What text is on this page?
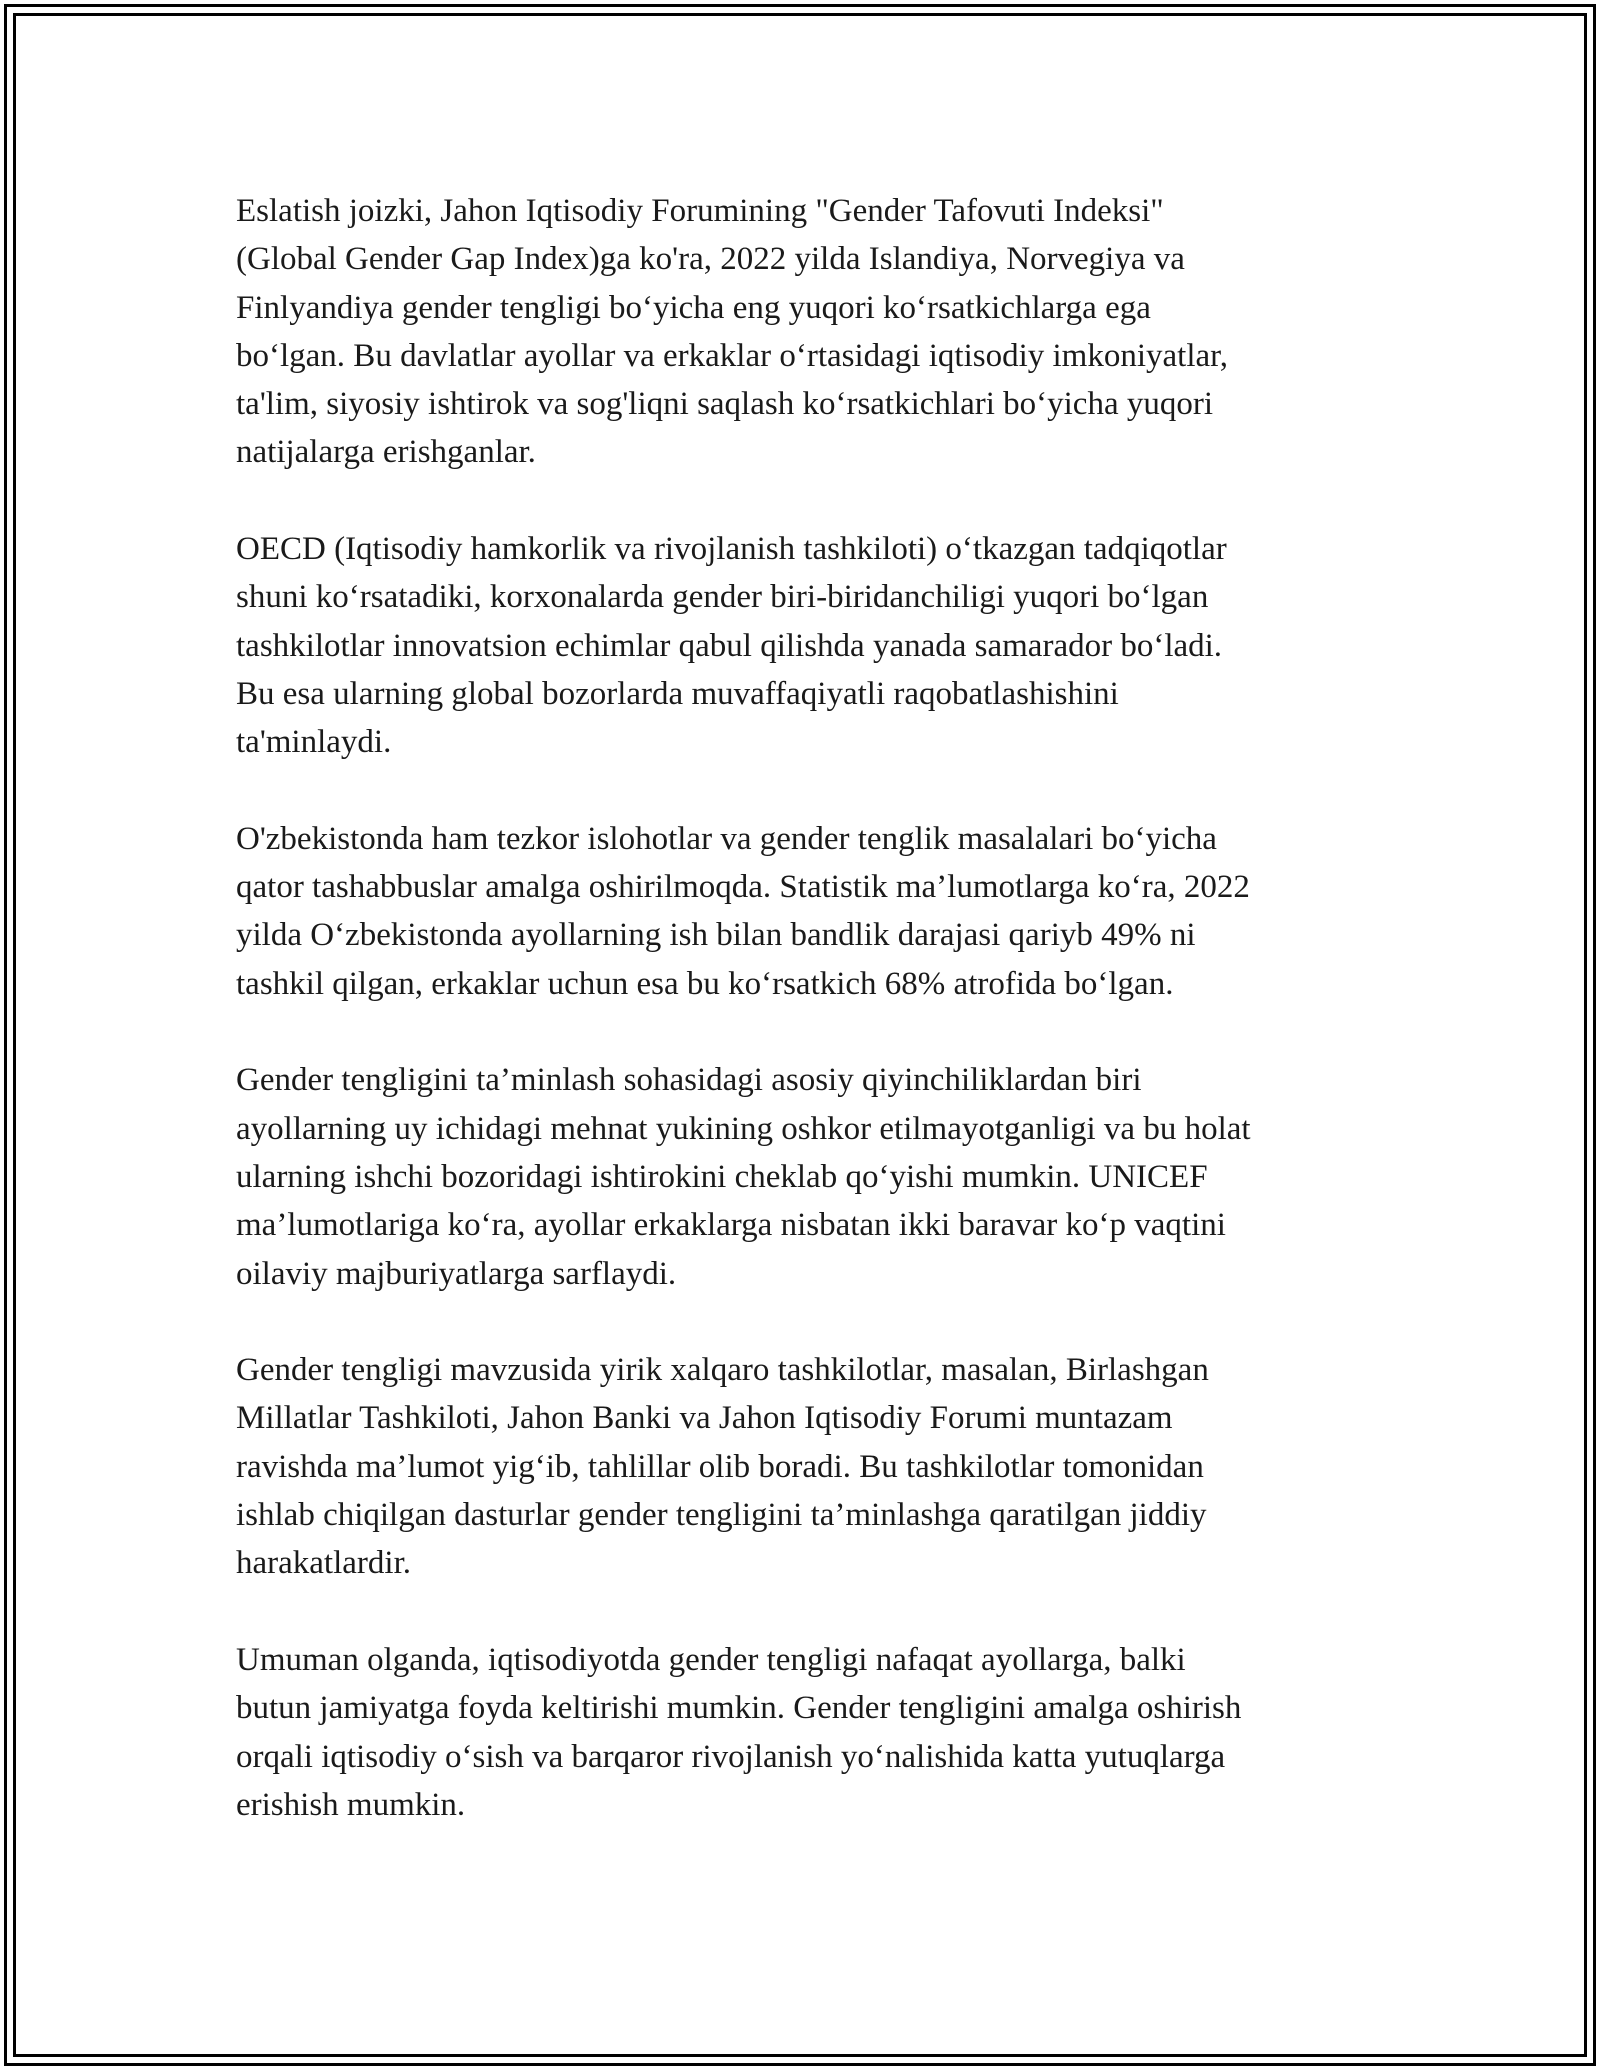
Eslatish joizki, Jahon Iqtisodiy Forumining "Gender Tafovuti Indeksi"
(Global Gender Gap Index)ga ko'ra, 2022 yilda Islandiya, Norvegiya va
Finlyandiya gender tengligi bo‘yicha eng yuqori ko‘rsatkichlarga ega
bo‘lgan. Bu davlatlar ayollar va erkaklar o‘rtasidagi iqtisodiy imkoniyatlar,
ta'lim, siyosiy ishtirok va sog'liqni saqlash ko‘rsatkichlari bo‘yicha yuqori
natijalarga erishganlar.

OECD (Iqtisodiy hamkorlik va rivojlanish tashkiloti) o‘tkazgan tadqiqotlar
shuni ko‘rsatadiki, korxonalarda gender biri-biridanchiligi yuqori bo‘lgan
tashkilotlar innovatsion echimlar qabul qilishda yanada samarador bo‘ladi.
Bu esa ularning global bozorlarda muvaffaqiyatli raqobatlashishini
ta'minlaydi.

O'zbekistonda ham tezkor islohotlar va gender tenglik masalalari bo‘yicha
qator tashabbuslar amalga oshirilmoqda. Statistik ma’lumotlarga ko‘ra, 2022
yilda O‘zbekistonda ayollarning ish bilan bandlik darajasi qariyb 49% ni
tashkil qilgan, erkaklar uchun esa bu ko‘rsatkich 68% atrofida bo‘lgan.

Gender tengligini ta’minlash sohasidagi asosiy qiyinchiliklardan biri
ayollarning uy ichidagi mehnat yukining oshkor etilmayotganligi va bu holat
ularning ishchi bozoridagi ishtirokini cheklab qo‘yishi mumkin. UNICEF
ma’lumotlariga ko‘ra, ayollar erkaklarga nisbatan ikki baravar ko‘p vaqtini
oilaviy majburiyatlarga sarflaydi.

Gender tengligi mavzusida yirik xalqaro tashkilotlar, masalan, Birlashgan
Millatlar Tashkiloti, Jahon Banki va Jahon Iqtisodiy Forumi muntazam
ravishda ma’lumot yig‘ib, tahlillar olib boradi. Bu tashkilotlar tomonidan
ishlab chiqilgan dasturlar gender tengligini ta’minlashga qaratilgan jiddiy
harakatlardir.

Umuman olganda, iqtisodiyotda gender tengligi nafaqat ayollarga, balki
butun jamiyatga foyda keltirishi mumkin. Gender tengligini amalga oshirish
orqali iqtisodiy o‘sish va barqaror rivojlanish yo‘nalishida katta yutuqlarga
erishish mumkin.
